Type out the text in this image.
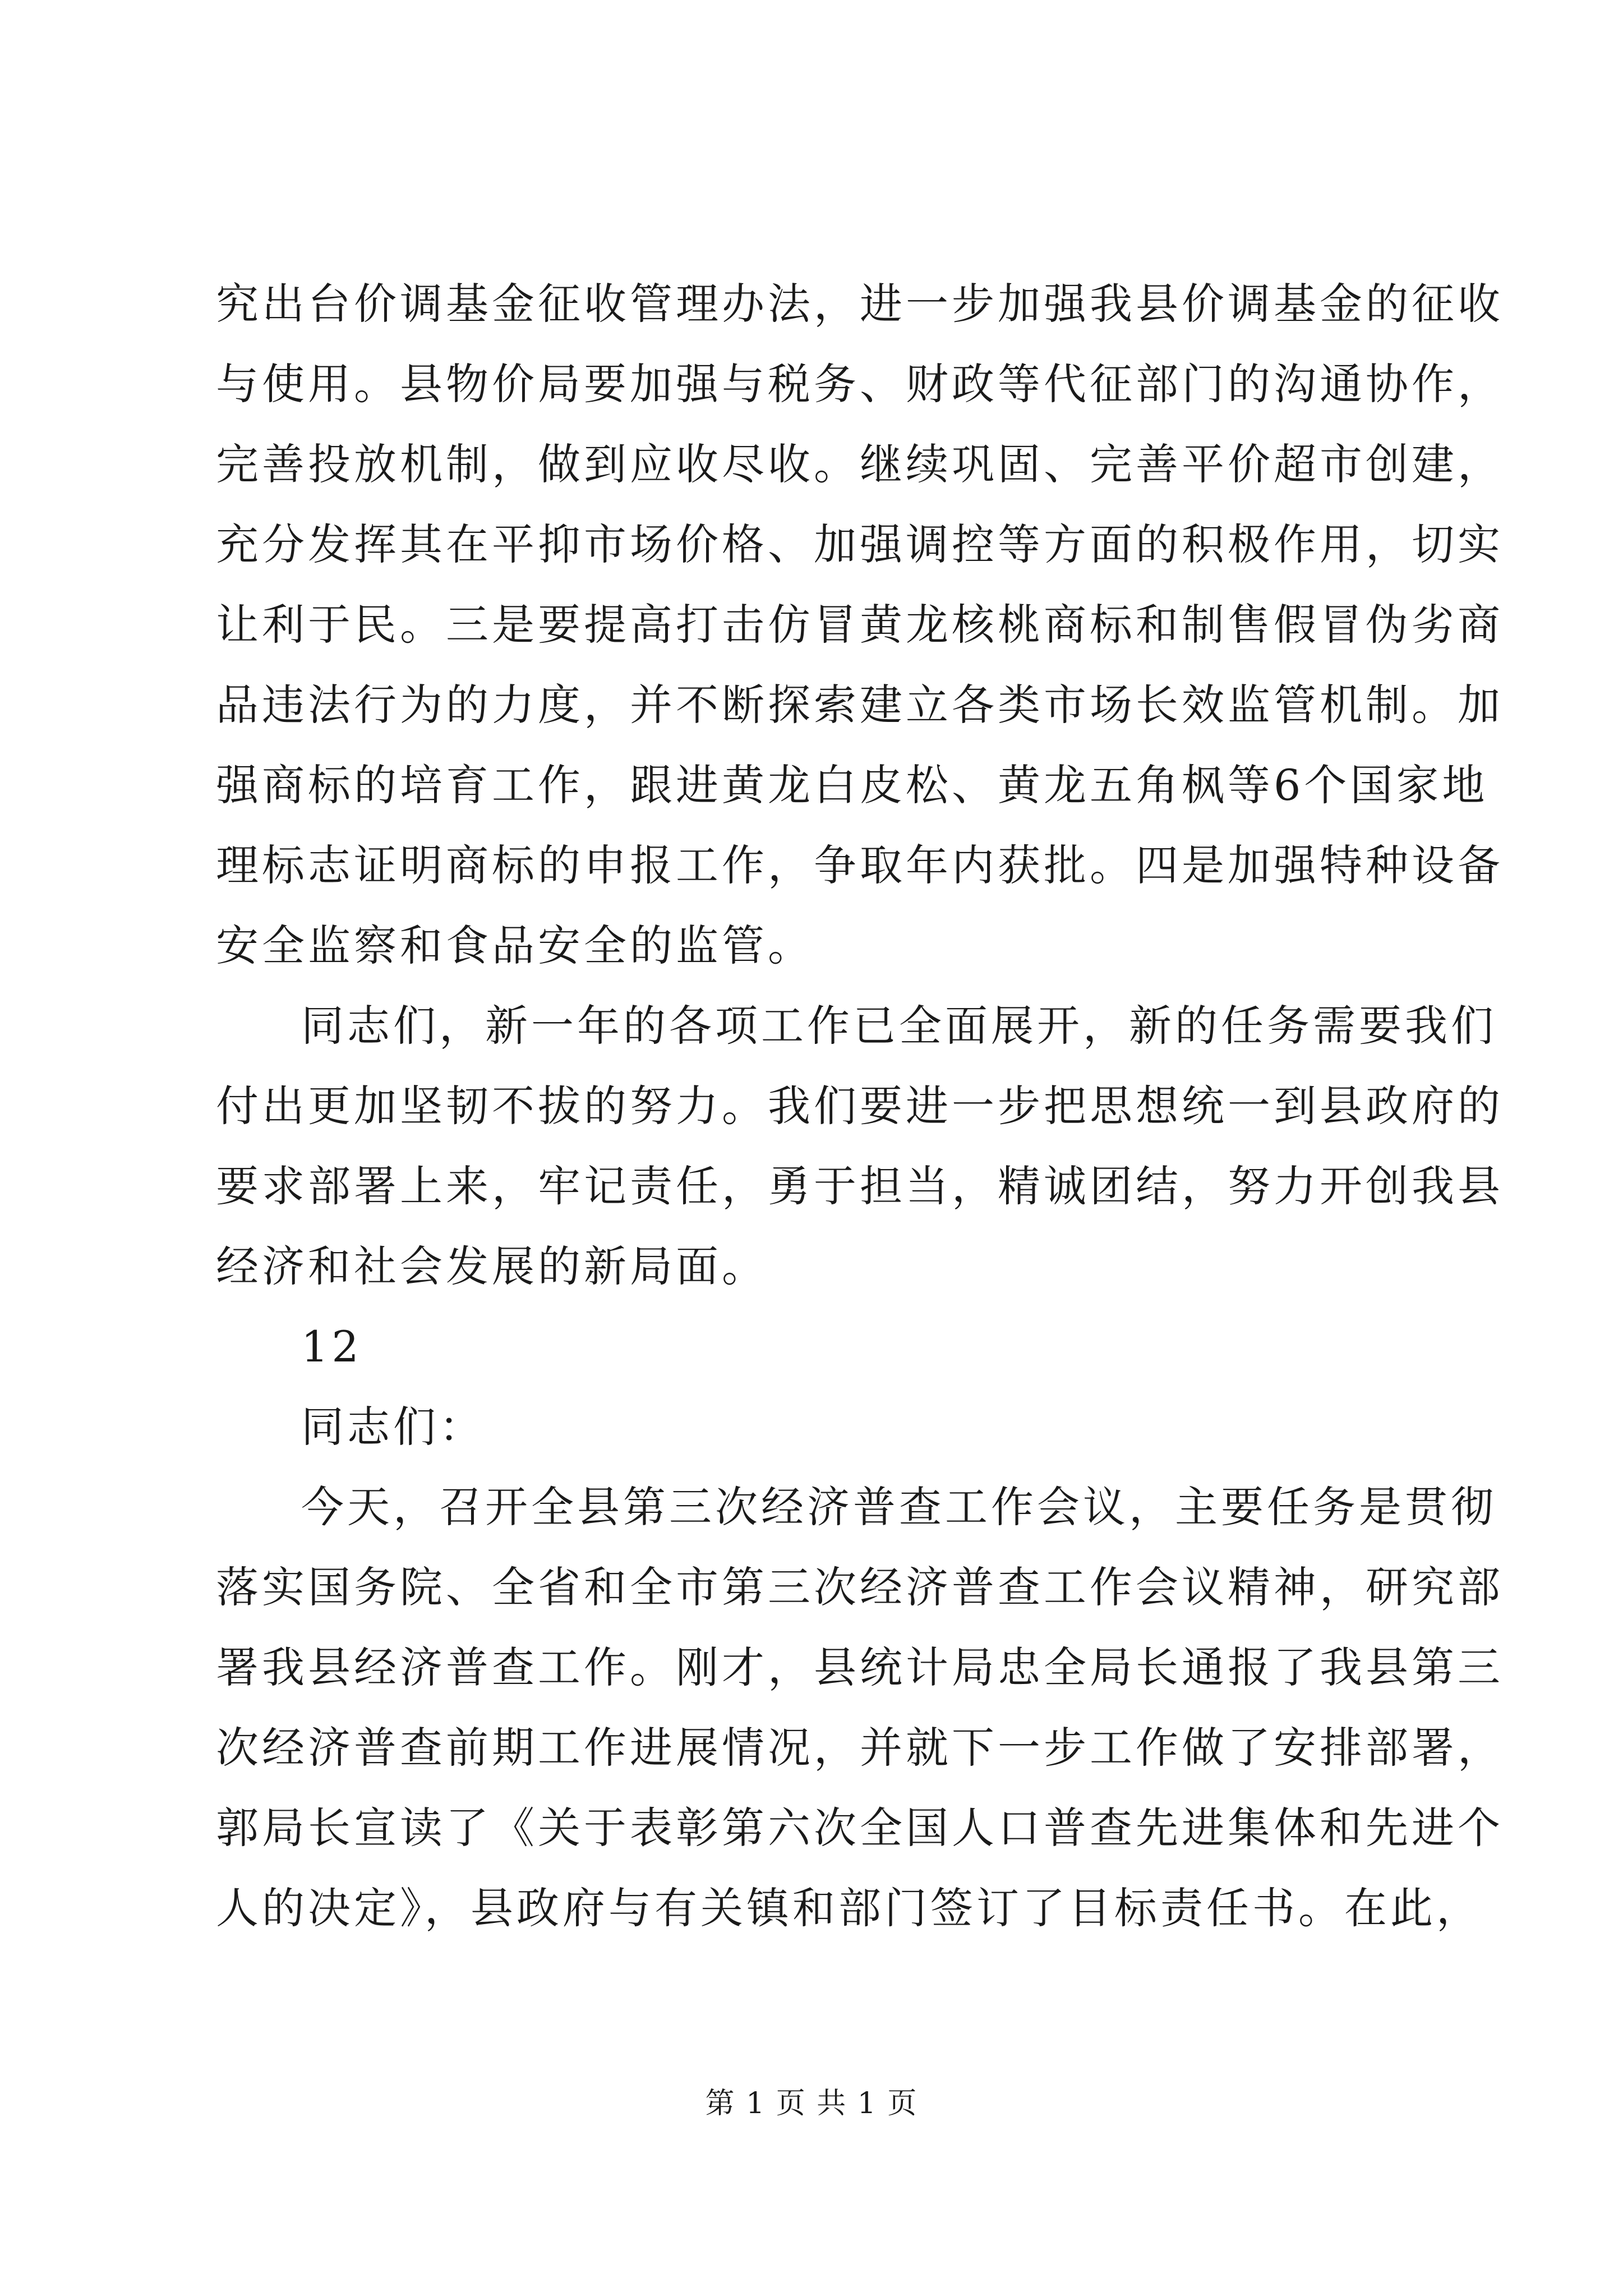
究出台价调基金征收管理办法，进一步加强我县价调基金的征收
与使用。县物价局要加强与税务、财政等代征部门的沟通协作，
完善投放机制，做到应收尽收。继续巩固、完善平价超市创建，
充分发挥其在平抑市场价格、加强调控等方面的积极作用，切实
让利于民。三是要提高打击仿冒黄龙核桃商标和制售假冒伪劣商
品违法行为的力度，并不断探索建立各类市场长效监管机制。加
强商标的培育工作，跟进黄龙白皮松、黄龙五角枫等6个国家地
理标志证明商标的申报工作，争取年内获批。四是加强特种设备
安全监察和食品安全的监管。
同志们，新一年的各项工作已全面展开，新的任务需要我们
付出更加坚韧不拔的努力。我们要进一步把思想统一到县政府的
要求部署上来，牢记责任，勇于担当，精诚团结，努力开创我县
经济和社会发展的新局面。
12
同志们：
今天，召开全县第三次经济普查工作会议，主要任务是贯彻
落实国务院、全省和全市第三次经济普查工作会议精神，研究部
署我县经济普查工作。刚才，县统计局忠全局长通报了我县第三
次经济普查前期工作进展情况，并就下一步工作做了安排部署，
郭局长宣读了《关于表彰第六次全国人口普查先进集体和先进个
人的决定》，县政府与有关镇和部门签订了目标责任书。在此，
第 1 页 共 1 页
